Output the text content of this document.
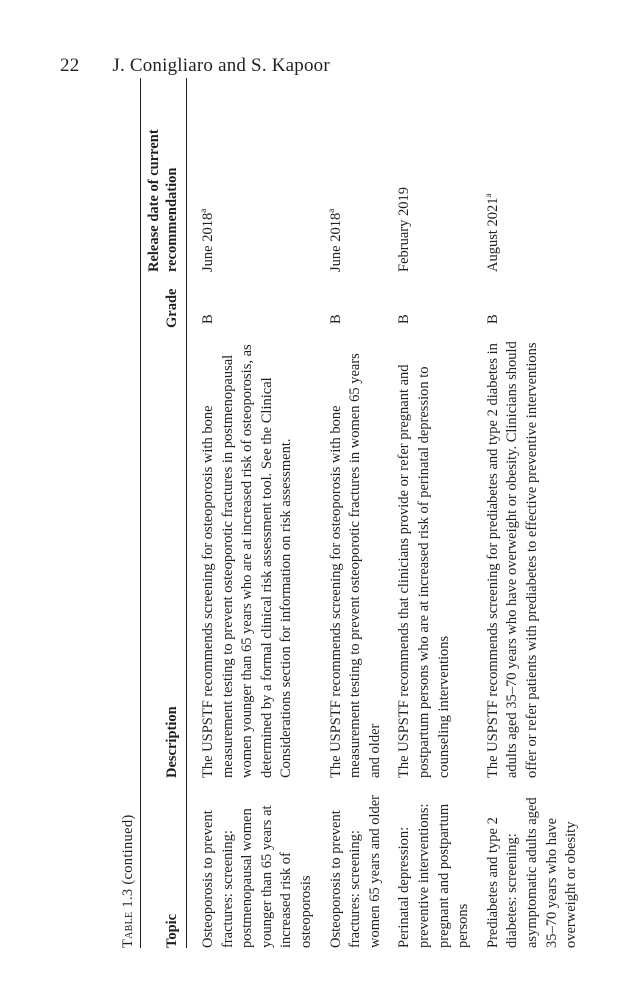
22 J. Conigliaro and S. Kapoor
Table 1.3 (continued)
Topic	Description	Grade	Release date of current recommendation
Osteoporosis to prevent fractures: screening: postmenopausal women younger than 65 years at increased risk of osteoporosis	The USPSTF recommends screening for osteoporosis with bone measurement testing to prevent osteoporotic fractures in postmenopausal women younger than 65 years who are at increased risk of osteoporosis, as determined by a formal clinical risk assessment tool. See the Clinical Considerations section for information on risk assessment.	B	June 2018$^a$
Osteoporosis to prevent fractures: screening: women 65 years and older	The USPSTF recommends screening for osteoporosis with bone measurement testing to prevent osteoporotic fractures in women 65 years and older	B	June 2018$^a$
Perinatal depression: preventive interventions: pregnant and postpartum persons	The USPSTF recommends that clinicians provide or refer pregnant and postpartum persons who are at increased risk of perinatal depression to counseling interventions	B	February 2019
Prediabetes and type 2 diabetes: screening: asymptomatic adults aged 35–70 years who have overweight or obesity	The USPSTF recommends screening for prediabetes and type 2 diabetes in adults aged 35–70 years who have overweight or obesity. Clinicians should offer or refer patients with prediabetes to effective preventive interventions	B	August 2021$^a$
